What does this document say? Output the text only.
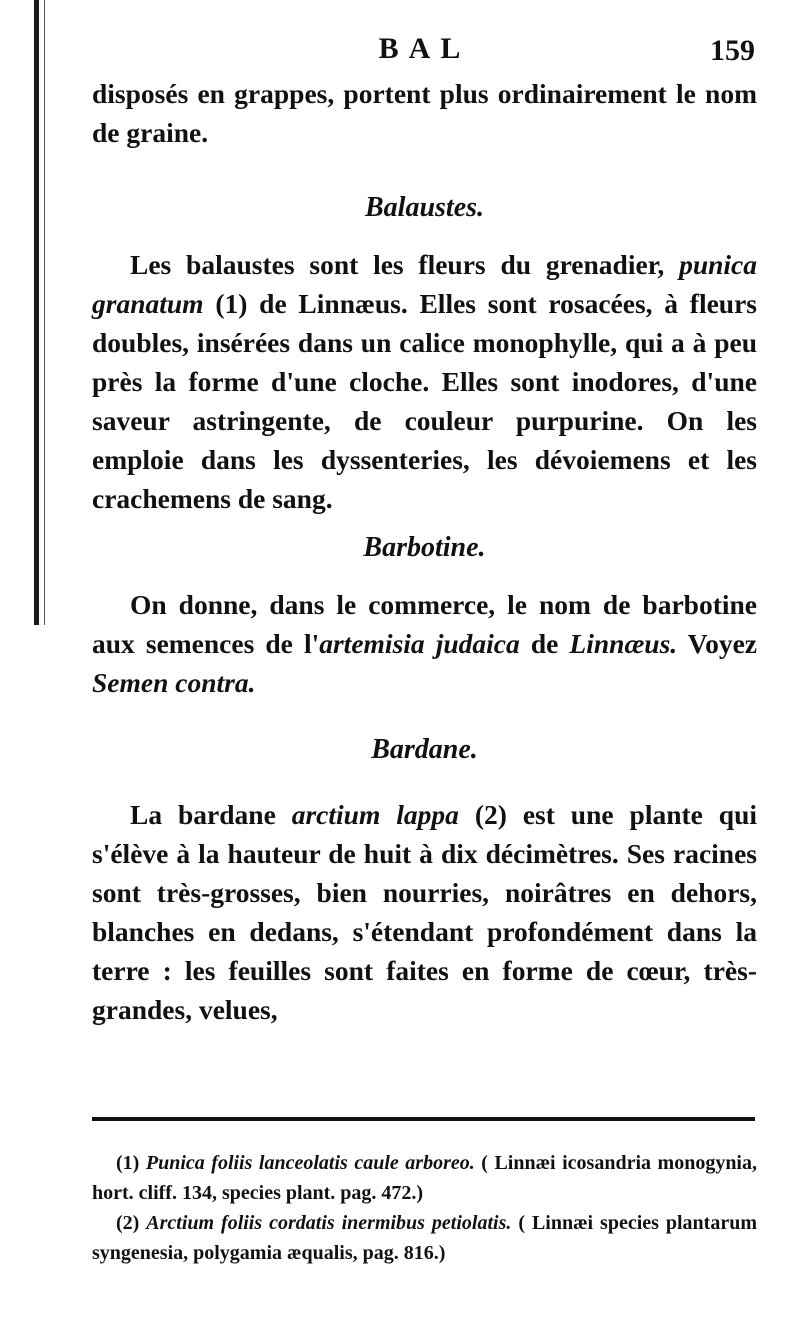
BAL	159

disposés en grappes, portent plus ordinairement le nom de graine.

Balaustes.

Les balaustes sont les fleurs du grenadier, punica granatum (1) de Linnæus. Elles sont rosacées, à fleurs doubles, insérées dans un calice monophylle, qui a à peu près la forme d'une cloche. Elles sont inodores, d'une saveur astringente, de couleur purpurine. On les emploie dans les dyssenteries, les dévoiemens et les crachemens de sang.

Barbotine.

On donne, dans le commerce, le nom de barbotine aux semences de l'artemisia judaica de Linnæus. Voyez Semen contra.

Bardane.

La bardane arctium lappa (2) est une plante qui s'élève à la hauteur de huit à dix décimètres. Ses racines sont très-grosses, bien nourries, noirâtres en dehors, blanches en dedans, s'étendant profondément dans la terre : les feuilles sont faites en forme de cœur, très-grandes, velues,

(1) Punica foliis lanceolatis caule arboreo. ( Linnæi icosandria monogynia, hort. cliff. 134, species plant. pag. 472.)

(2) Arctium foliis cordatis inermibus petiolatis. ( Linnæi species plantarum syngenesia, polygamia æqualis, pag. 816.)
